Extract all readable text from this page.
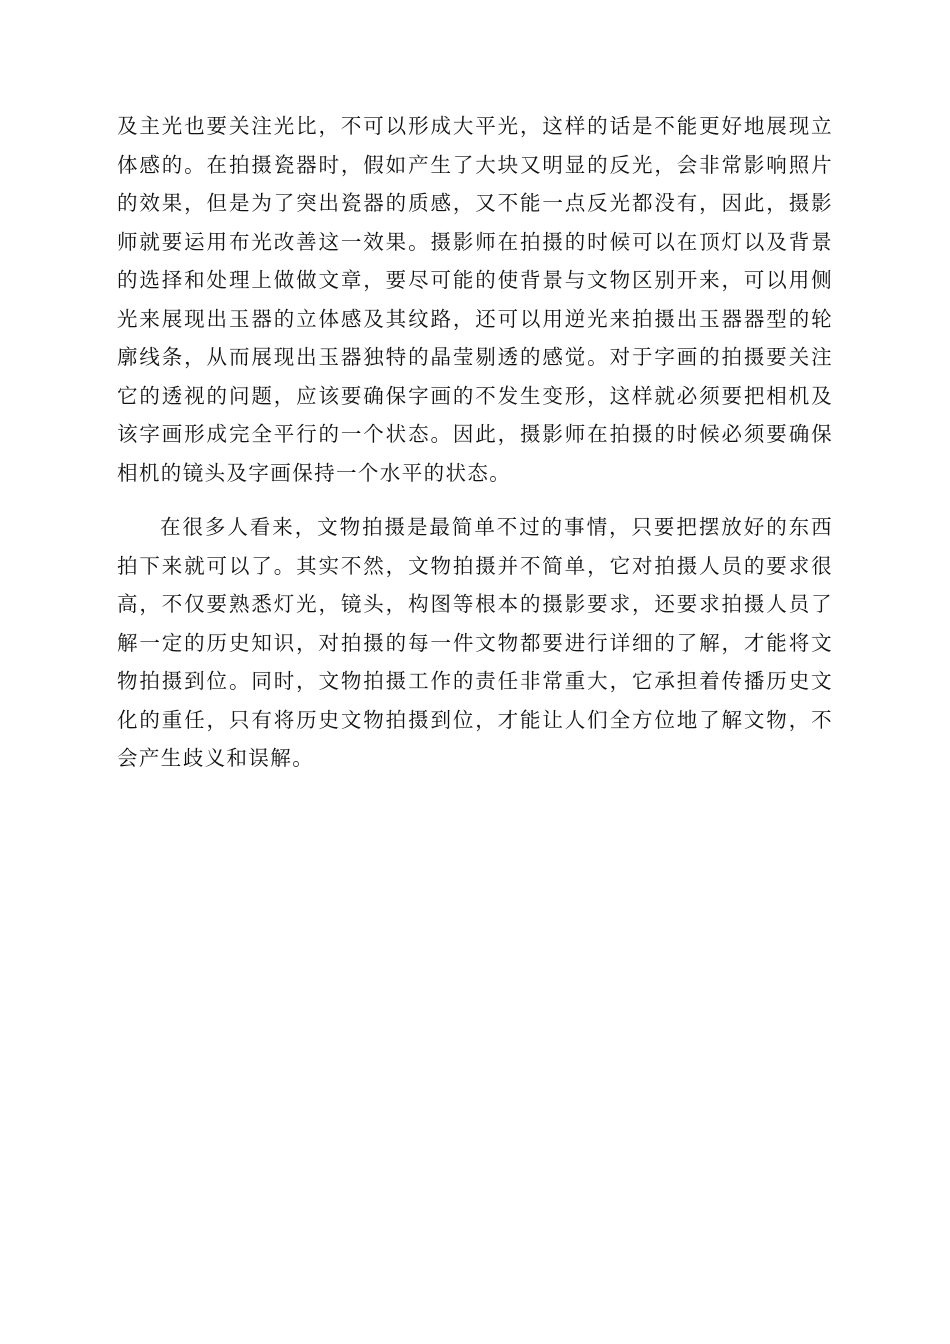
及主光也要关注光比，不可以形成大平光，这样的话是不能更好地展现立体感的。在拍摄瓷器时，假如产生了大块又明显的反光，会非常影响照片的效果，但是为了突出瓷器的质感，又不能一点反光都没有，因此，摄影师就要运用布光改善这一效果。摄影师在拍摄的时候可以在顶灯以及背景的选择和处理上做做文章，要尽可能的使背景与文物区别开来，可以用侧光来展现出玉器的立体感及其纹路，还可以用逆光来拍摄出玉器器型的轮廓线条，从而展现出玉器独特的晶莹剔透的感觉。对于字画的拍摄要关注它的透视的问题，应该要确保字画的不发生变形，这样就必须要把相机及该字画形成完全平行的一个状态。因此，摄影师在拍摄的时候必须要确保相机的镜头及字画保持一个水平的状态。

在很多人看来，文物拍摄是最简单不过的事情，只要把摆放好的东西拍下来就可以了。其实不然，文物拍摄并不简单，它对拍摄人员的要求很高，不仅要熟悉灯光，镜头，构图等根本的摄影要求，还要求拍摄人员了解一定的历史知识，对拍摄的每一件文物都要进行详细的了解，才能将文物拍摄到位。同时，文物拍摄工作的责任非常重大，它承担着传播历史文化的重任，只有将历史文物拍摄到位，才能让人们全方位地了解文物，不会产生歧义和误解。
